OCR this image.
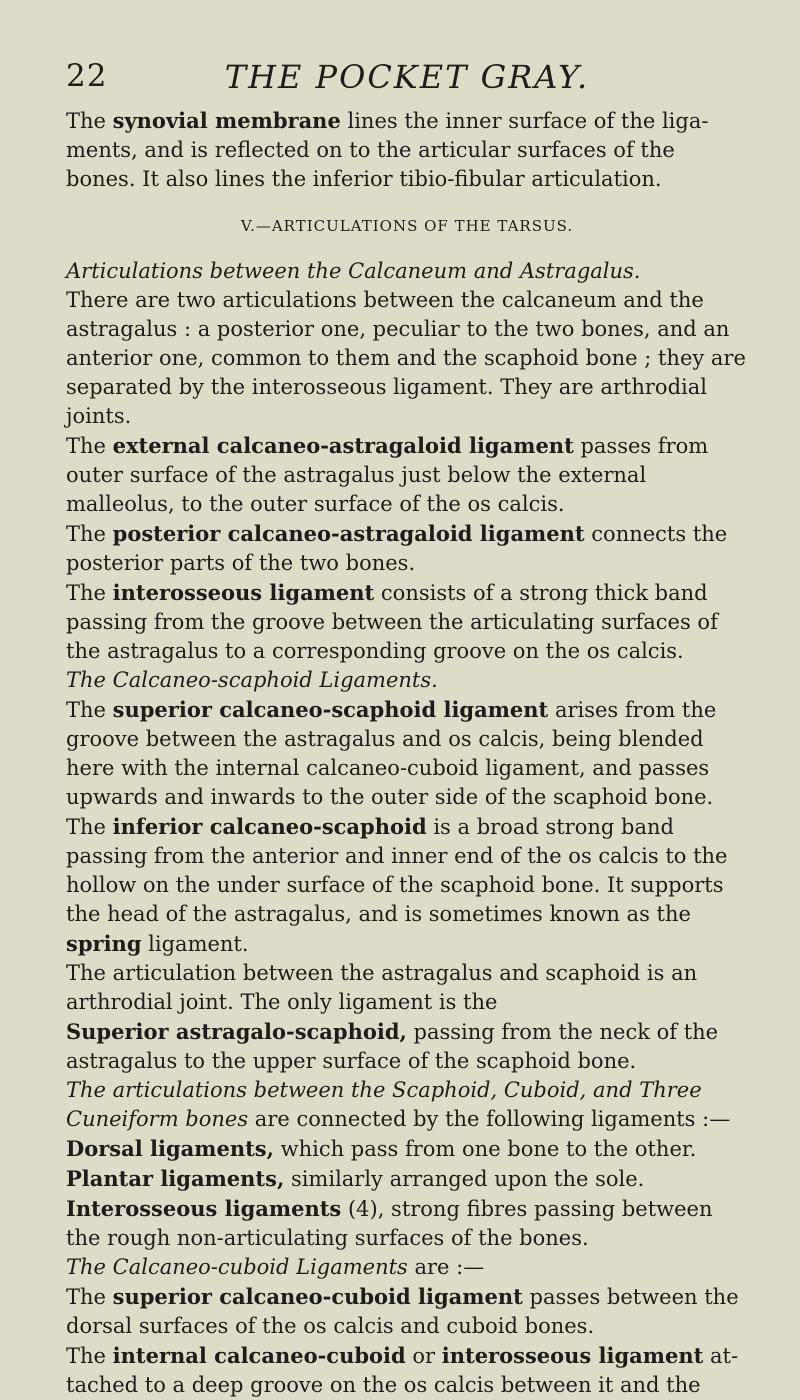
22	THE POCKET GRAY.

The synovial membrane lines the inner surface of the liga- ments, and is reflected on to the articular surfaces of the bones. It also lines the inferior tibio-fibular articulation.

V.—ARTICULATIONS OF THE TARSUS.

Articulations between the Calcaneum and Astragalus.
There are two articulations between the calcaneum and the astragalus : a posterior one, peculiar to the two bones, and an anterior one, common to them and the scaphoid bone ; they are separated by the interosseous ligament. They are arthrodial joints.

The external calcaneo-astragaloid ligament passes from outer surface of the astragalus just below the external malleolus, to the outer surface of the os calcis.

The posterior calcaneo-astragaloid ligament connects the posterior parts of the two bones.

The interosseous ligament consists of a strong thick band passing from the groove between the articulating surfaces of the astragalus to a corresponding groove on the os calcis.

The Calcaneo-scaphoid Ligaments.

The superior calcaneo-scaphoid ligament arises from the groove between the astragalus and os calcis, being blended here with the internal calcaneo-cuboid ligament, and passes upwards and inwards to the outer side of the scaphoid bone.

The inferior calcaneo-scaphoid is a broad strong band passing from the anterior and inner end of the os calcis to the hollow on the under surface of the scaphoid bone. It supports the head of the astragalus, and is sometimes known as the spring ligament.

The articulation between the astragalus and scaphoid is an arthrodial joint. The only ligament is the

Superior astragalo-scaphoid, passing from the neck of the astragalus to the upper surface of the scaphoid bone.

The articulations between the Scaphoid, Cuboid, and Three Cuneiform bones are connected by the following ligaments :—

Dorsal ligaments, which pass from one bone to the other.

Plantar ligaments, similarly arranged upon the sole.

Interosseous ligaments (4), strong fibres passing between the rough non-articulating surfaces of the bones.

The Calcaneo-cuboid Ligaments are :—

The superior calcaneo-cuboid ligament passes between the dorsal surfaces of the os calcis and cuboid bones.

The internal calcaneo-cuboid or interosseous ligament at- tached to a deep groove on the os calcis between it and the
